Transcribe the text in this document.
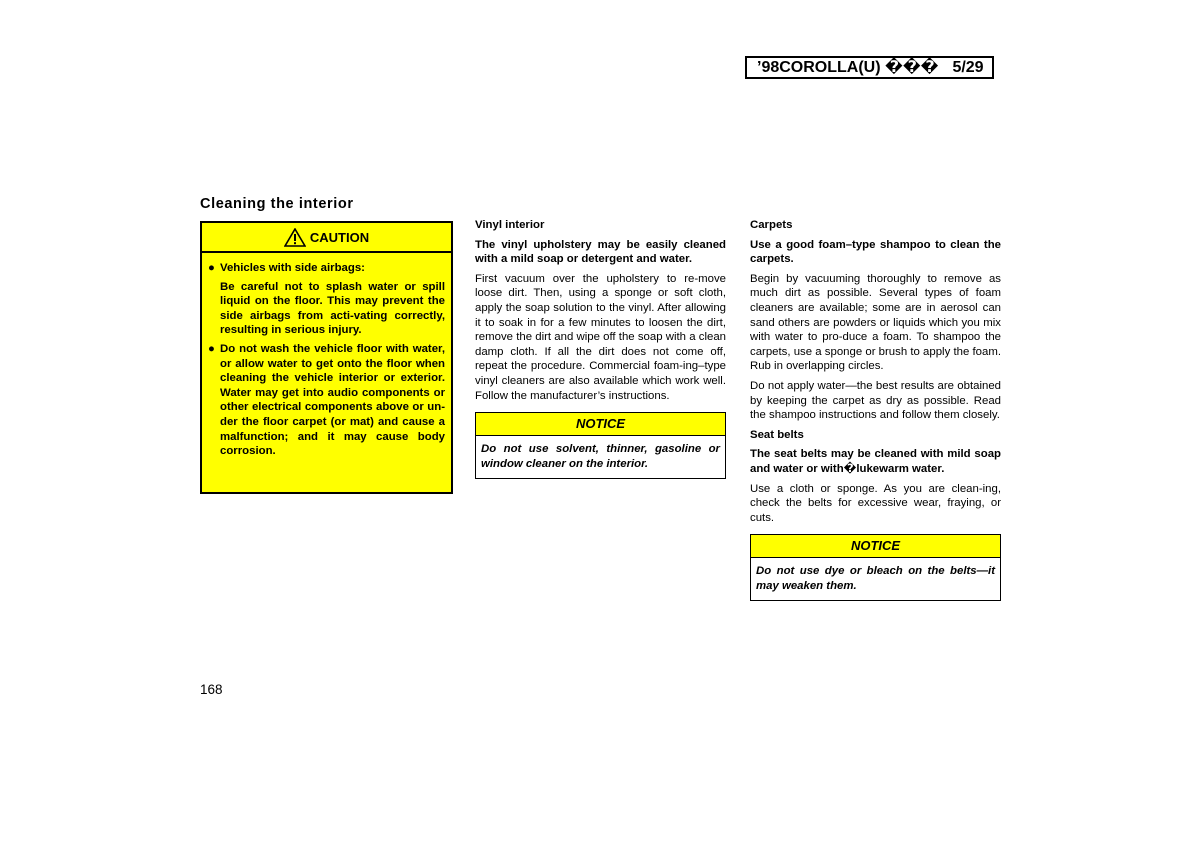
’98COROLLA(U) ��� 5/29
Cleaning the interior
CAUTION
● Vehicles with side airbags:

Be careful not to splash water or spill liquid on the floor. This may prevent the side airbags from acti-vating correctly, resulting in serious injury.

● Do not wash the vehicle floor with water, or allow water to get onto the floor when cleaning the vehicle interior or exterior. Water may get into audio components or other electrical components above or un-der the floor carpet (or mat) and cause a malfunction; and it may cause body corrosion.

Vinyl interior

The vinyl upholstery may be easily cleaned with a mild soap or detergent and water.

First vacuum over the upholstery to re-move loose dirt. Then, using a sponge or soft cloth, apply the soap solution to the vinyl. After allowing it to soak in for a few minutes to loosen the dirt, remove the dirt and wipe off the soap with a clean damp cloth. If all the dirt does not come off, repeat the procedure. Commercial foam-ing–type vinyl cleaners are also available which work well. Follow the manufacturer’s instructions.

NOTICE
Do not use solvent, thinner, gasoline or window cleaner on the interior.
Carpets

Use a good foam–type shampoo to clean the carpets.

Begin by vacuuming thoroughly to remove as much dirt as possible. Several types of foam cleaners are available; some are in aerosol can sand others are powders or liquids which you mix with water to pro-duce a foam. To shampoo the carpets, use a sponge or brush to apply the foam. Rub in overlapping circles.

Do not apply water—the best results are obtained by keeping the carpet as dry as possible. Read the shampoo instructions and follow them closely.

Seat belts

The seat belts may be cleaned with mild soap and water or with�lukewarm water.

Use a cloth or sponge. As you are clean-ing, check the belts for excessive wear, fraying, or cuts.

NOTICE
Do not use dye or bleach on the belts—it may weaken them.
168
